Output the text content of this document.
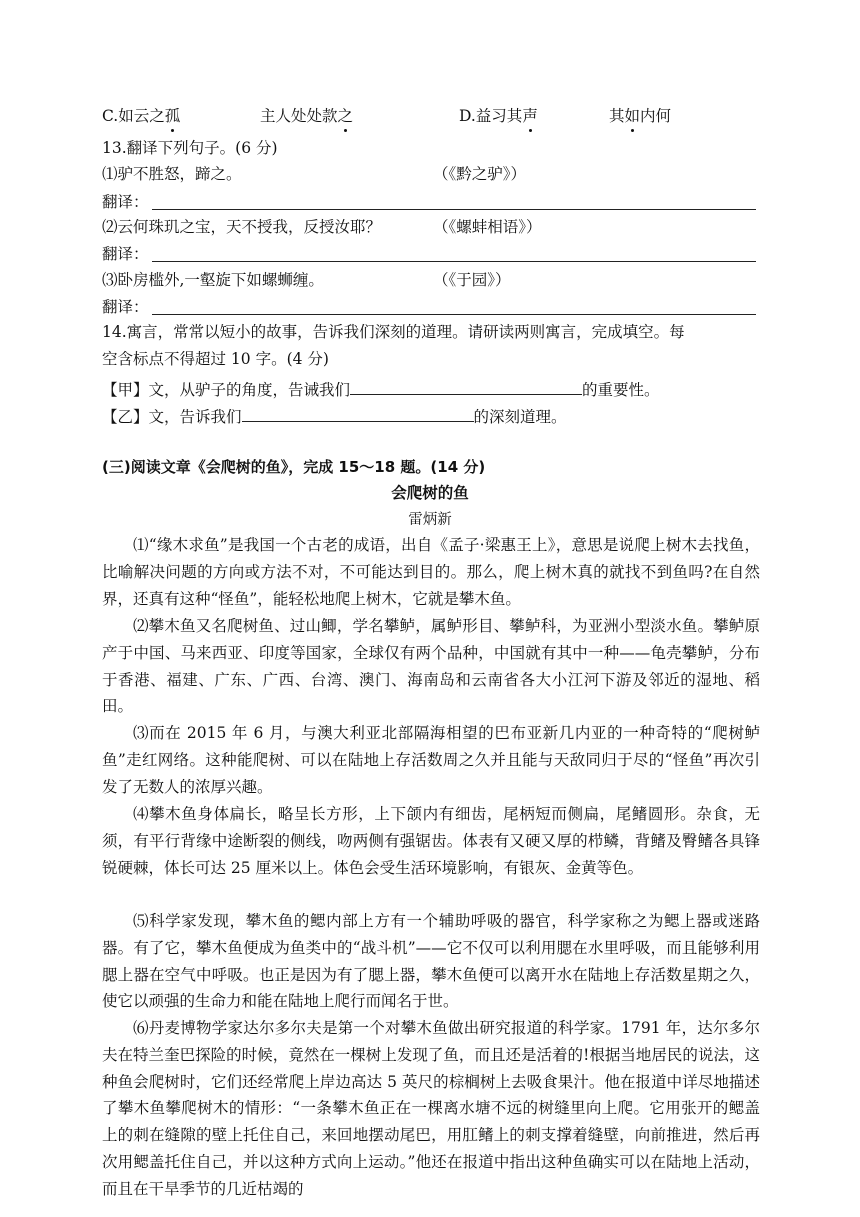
C.如云之孤	主人处处款之	D.益习其声	其如内何
13.翻译下列句子。(6 分)
⑴驴不胜怒，蹄之。	（《黔之驴》）
翻译：
⑵云何珠玑之宝，天不授我，反授汝耶？	（《螺蚌相语》）
翻译：
⑶卧房槛外,一壑旋下如螺蛳缠。	（《于园》）
翻译：
14.寓言，常常以短小的故事，告诉我们深刻的道理。请研读两则寓言，完成填空。每
空含标点不得超过 10 字。(4 分)
【甲】文，从驴子的角度，告诫我们	的重要性。
【乙】文，告诉我们	的深刻道理。
(三)阅读文章《会爬树的鱼》，完成 15～18 题。(14 分)
会爬树的鱼
雷炳新
⑴“缘木求鱼”是我国一个古老的成语，出自《孟子·梁惠王上》，意思是说爬上树木去找鱼，比喻解决问题的方向或方法不对，不可能达到目的。那么，爬上树木真的就找不到鱼吗?在自然界，还真有这种“怪鱼”，能轻松地爬上树木，它就是攀木鱼。
⑵攀木鱼又名爬树鱼、过山鲫，学名攀鲈，属鲈形目、攀鲈科，为亚洲小型淡水鱼。攀鲈原产于中国、马来西亚、印度等国家，全球仅有两个品种，中国就有其中一种——龟壳攀鲈，分布于香港、福建、广东、广西、台湾、澳门、海南岛和云南省各大小江河下游及邻近的湿地、稻田。
⑶而在 2015 年 6 月，与澳大利亚北部隔海相望的巴布亚新几内亚的一种奇特的“爬树鲈鱼”走红网络。这种能爬树、可以在陆地上存活数周之久并且能与天敌同归于尽的“怪鱼”再次引发了无数人的浓厚兴趣。
⑷攀木鱼身体扁长，略呈长方形，上下颌内有细齿，尾柄短而侧扁，尾鳍圆形。杂食，无须，有平行背缘中途断裂的侧线，吻两侧有强锯齿。体表有又硬又厚的栉鳞，背鳍及臀鳍各具锋锐硬棘，体长可达 25 厘米以上。体色会受生活环境影响，有银灰、金黄等色。
⑸科学家发现，攀木鱼的鳃内部上方有一个辅助呼吸的器官，科学家称之为鳃上器或迷路器。有了它，攀木鱼便成为鱼类中的“战斗机”——它不仅可以利用腮在水里呼吸，而且能够利用腮上器在空气中呼吸。也正是因为有了腮上器，攀木鱼便可以离开水在陆地上存活数星期之久，使它以顽强的生命力和能在陆地上爬行而闻名于世。
⑹丹麦博物学家达尔多尔夫是第一个对攀木鱼做出研究报道的科学家。1791 年，达尔多尔夫在特兰奎巴探险的时候，竟然在一棵树上发现了鱼，而且还是活着的!根据当地居民的说法，这种鱼会爬树时，它们还经常爬上岸边高达 5 英尺的棕榈树上去吸食果汁。他在报道中详尽地描述了攀木鱼攀爬树木的情形：“一条攀木鱼正在一棵离水塘不远的树缝里向上爬。它用张开的鳃盖上的刺在缝隙的壁上托住自己，来回地摆动尾巴，用肛鳍上的刺支撑着缝壁，向前推进，然后再次用鳃盖托住自己，并以这种方式向上运动。”他还在报道中指出这种鱼确实可以在陆地上活动，而且在干旱季节的几近枯竭的
